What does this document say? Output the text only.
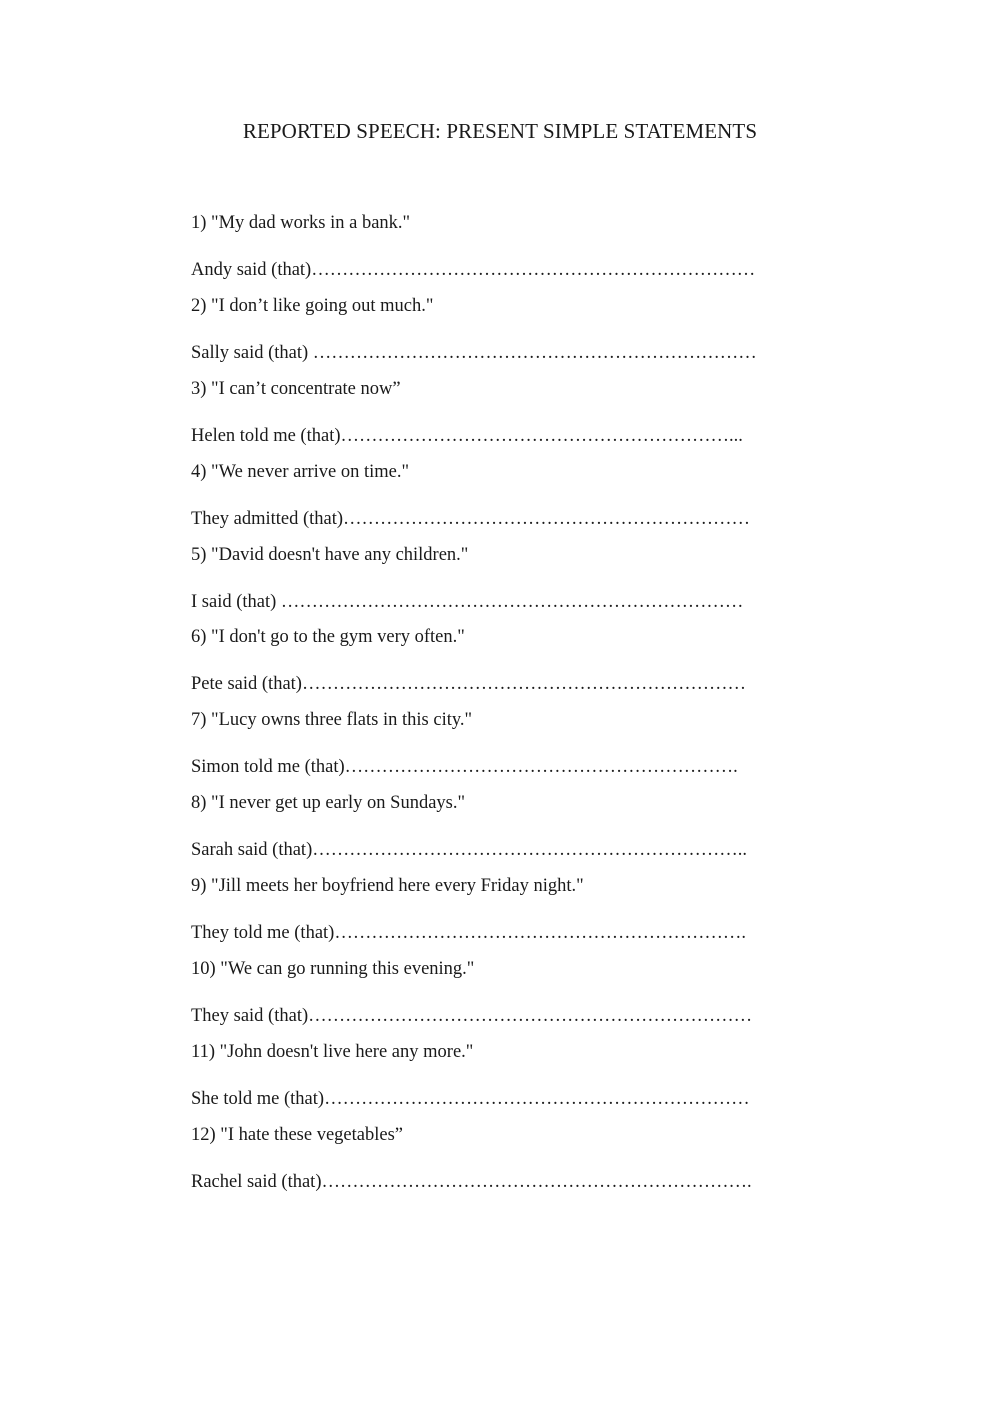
REPORTED SPEECH: PRESENT SIMPLE STATEMENTS
1) "My dad works in a bank."
Andy said (that)………………………………………………………………
2) "I don’t like going out much."
Sally said (that) ………………………………………………………………
3) "I can’t concentrate now”
Helen told me (that)………………………………………………………...
4) "We never arrive on time."
They admitted (that)…………………………………………………………
5) "David doesn't have any children."
I said (that) …………………………………………………………………
6) "I don't go to the gym very often."
Pete said (that)………………………………………………………………
7) "Lucy owns three flats in this city."
Simon told me (that)……………………………………………………….
8) "I never get up early on Sundays."
Sarah said (that)……………………………………………………………..
9) "Jill meets her boyfriend here every Friday night."
They told me (that)………………………………………………………….
10) "We can go running this evening."
They said (that)………………………………………………………………
11) "John doesn't live here any more."
She told me (that)……………………………………………………………
12) "I hate these vegetables”
Rachel said (that)…………………………………………………………….
